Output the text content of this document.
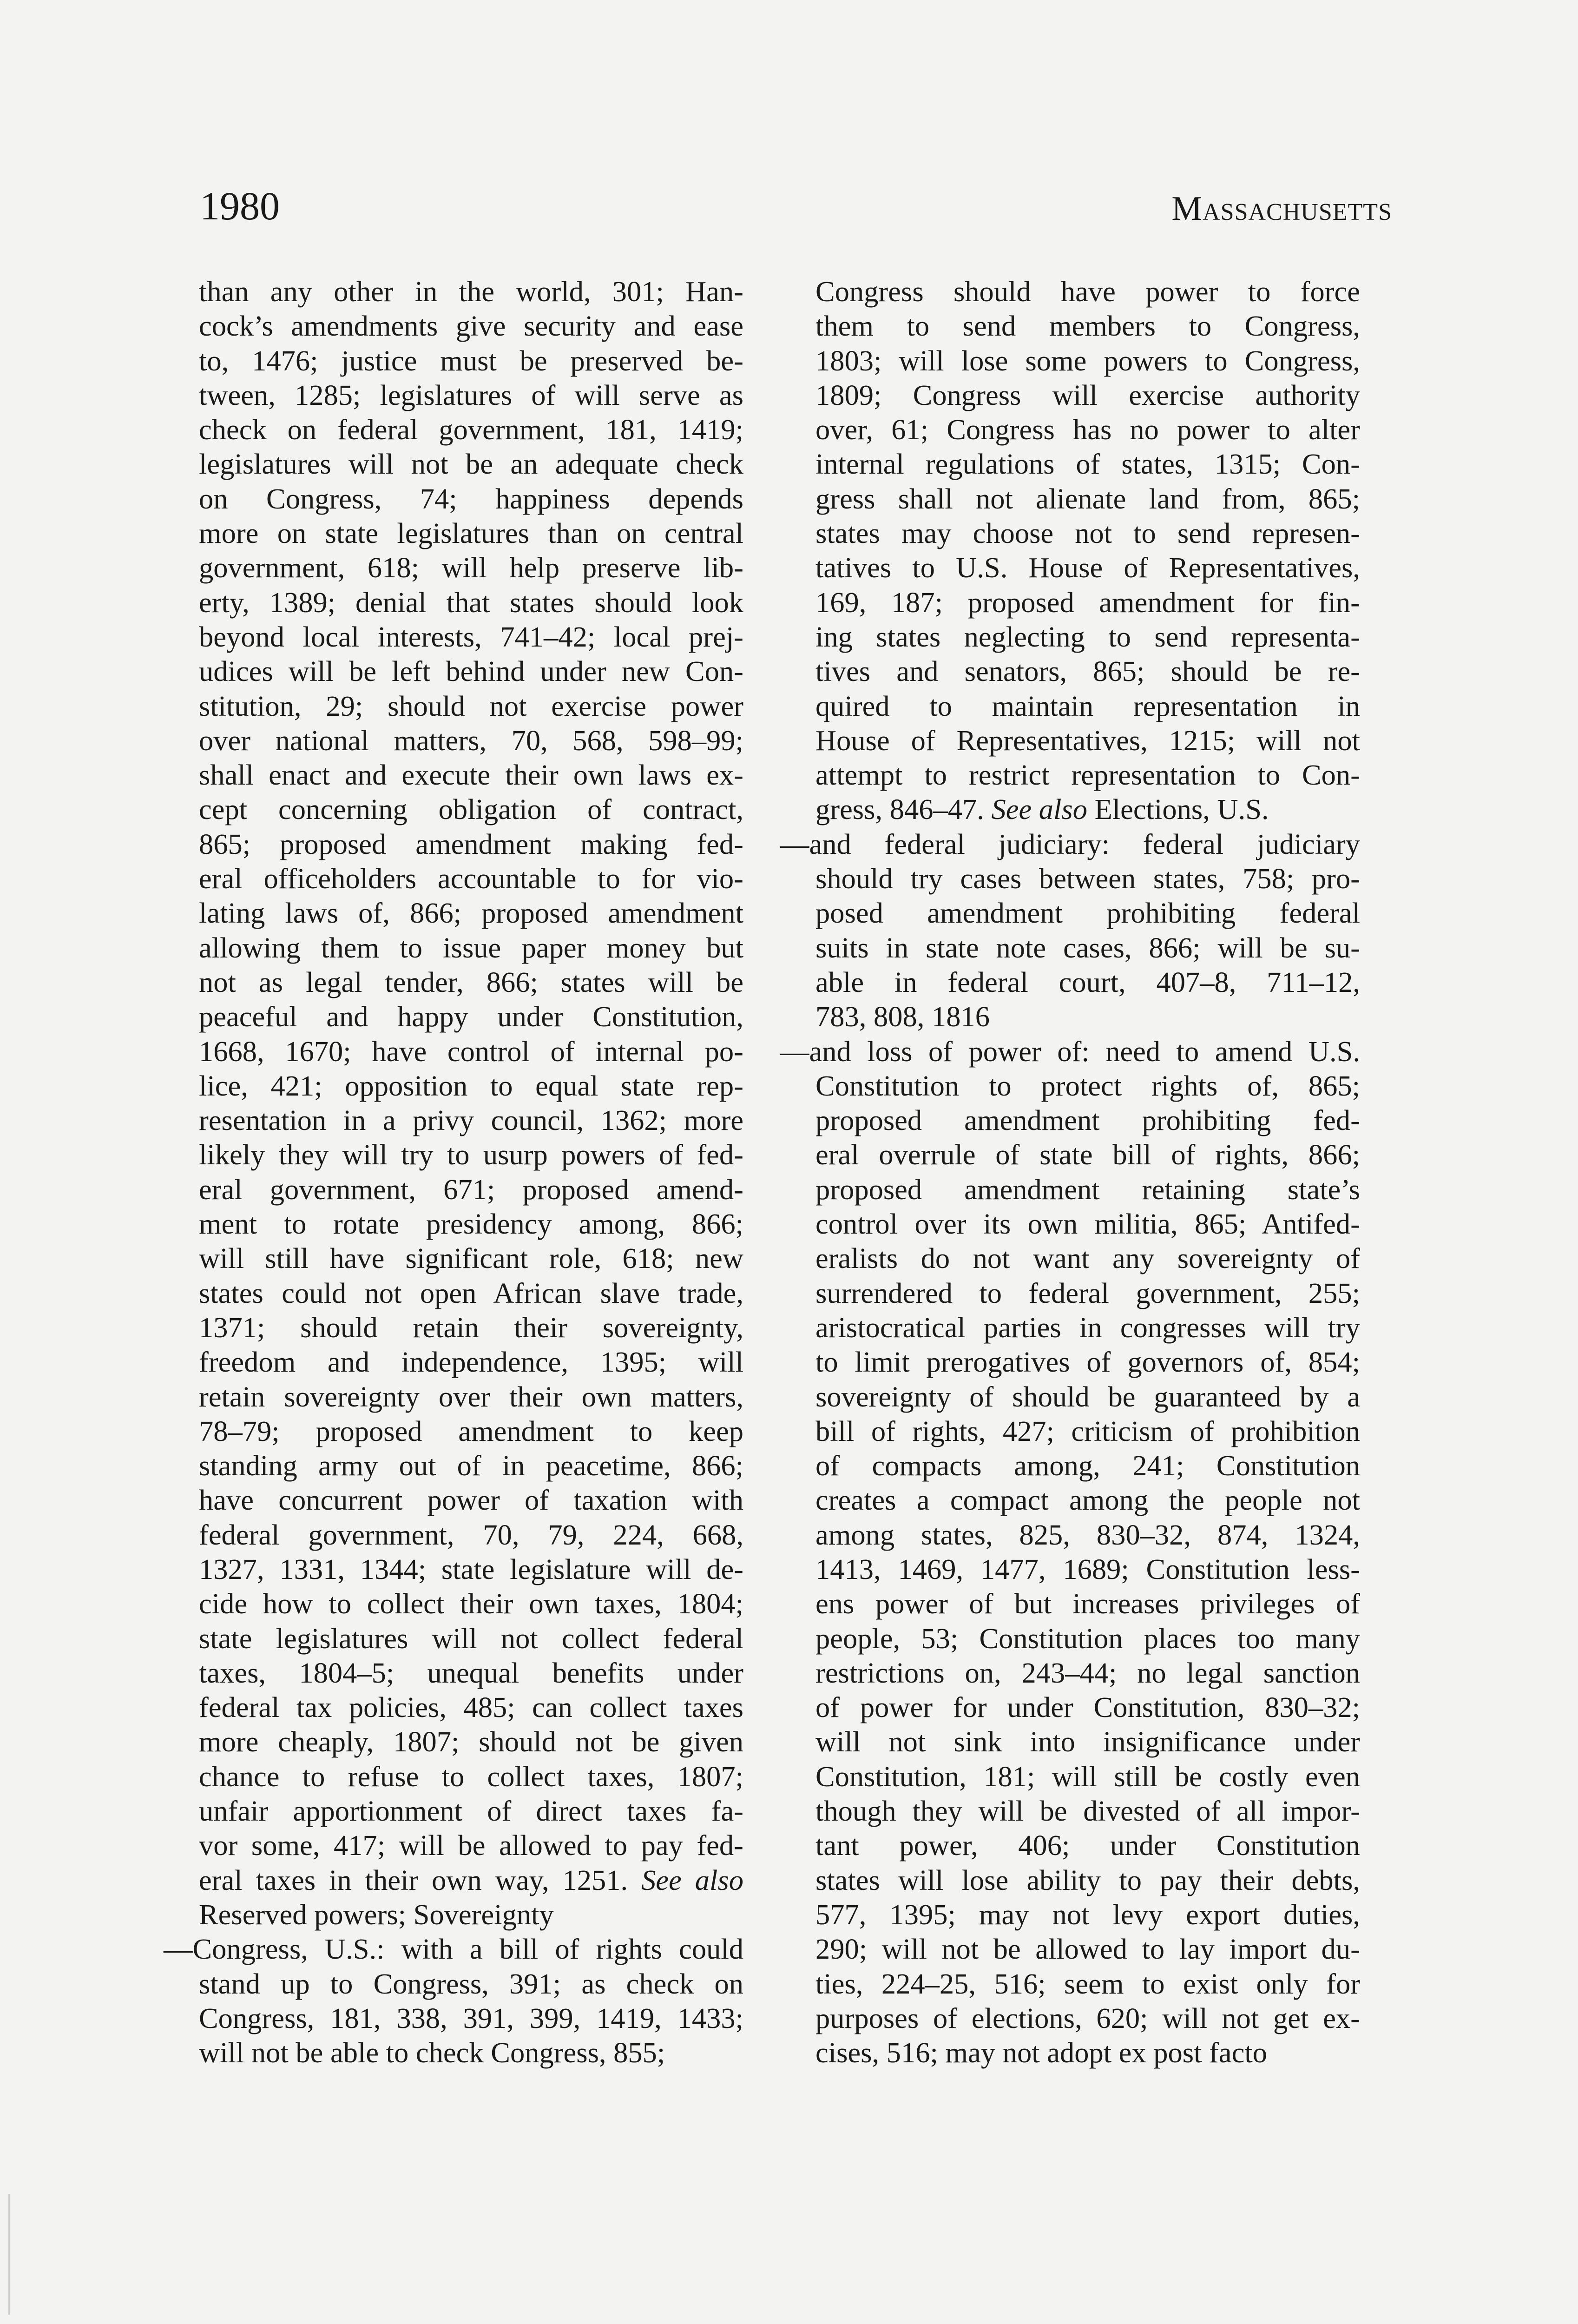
1980	Massachusetts
than any other in the world, 301; Han-
cock’s amendments give security and ease
to, 1476; justice must be preserved be-
tween, 1285; legislatures of will serve as
check on federal government, 181, 1419;
legislatures will not be an adequate check
on Congress, 74; happiness depends
more on state legislatures than on central
government, 618; will help preserve lib-
erty, 1389; denial that states should look
beyond local interests, 741–42; local prej-
udices will be left behind under new Con-
stitution, 29; should not exercise power
over national matters, 70, 568, 598–99;
shall enact and execute their own laws ex-
cept concerning obligation of contract,
865; proposed amendment making fed-
eral officeholders accountable to for vio-
lating laws of, 866; proposed amendment
allowing them to issue paper money but
not as legal tender, 866; states will be
peaceful and happy under Constitution,
1668, 1670; have control of internal po-
lice, 421; opposition to equal state rep-
resentation in a privy council, 1362; more
likely they will try to usurp powers of fed-
eral government, 671; proposed amend-
ment to rotate presidency among, 866;
will still have significant role, 618; new
states could not open African slave trade,
1371; should retain their sovereignty,
freedom and independence, 1395; will
retain sovereignty over their own matters,
78–79; proposed amendment to keep
standing army out of in peacetime, 866;
have concurrent power of taxation with
federal government, 70, 79, 224, 668,
1327, 1331, 1344; state legislature will de-
cide how to collect their own taxes, 1804;
state legislatures will not collect federal
taxes, 1804–5; unequal benefits under
federal tax policies, 485; can collect taxes
more cheaply, 1807; should not be given
chance to refuse to collect taxes, 1807;
unfair apportionment of direct taxes fa-
vor some, 417; will be allowed to pay fed-
eral taxes in their own way, 1251. See also
Reserved powers; Sovereignty
—Congress, U.S.: with a bill of rights could
stand up to Congress, 391; as check on
Congress, 181, 338, 391, 399, 1419, 1433;
will not be able to check Congress, 855;
Congress should have power to force
them to send members to Congress,
1803; will lose some powers to Congress,
1809; Congress will exercise authority
over, 61; Congress has no power to alter
internal regulations of states, 1315; Con-
gress shall not alienate land from, 865;
states may choose not to send represen-
tatives to U.S. House of Representatives,
169, 187; proposed amendment for fin-
ing states neglecting to send representa-
tives and senators, 865; should be re-
quired to maintain representation in
House of Representatives, 1215; will not
attempt to restrict representation to Con-
gress, 846–47. See also Elections, U.S.
—and federal judiciary: federal judiciary
should try cases between states, 758; pro-
posed amendment prohibiting federal
suits in state note cases, 866; will be su-
able in federal court, 407–8, 711–12,
783, 808, 1816
—and loss of power of: need to amend U.S.
Constitution to protect rights of, 865;
proposed amendment prohibiting fed-
eral overrule of state bill of rights, 866;
proposed amendment retaining state’s
control over its own militia, 865; Antifed-
eralists do not want any sovereignty of
surrendered to federal government, 255;
aristocratical parties in congresses will try
to limit prerogatives of governors of, 854;
sovereignty of should be guaranteed by a
bill of rights, 427; criticism of prohibition
of compacts among, 241; Constitution
creates a compact among the people not
among states, 825, 830–32, 874, 1324,
1413, 1469, 1477, 1689; Constitution less-
ens power of but increases privileges of
people, 53; Constitution places too many
restrictions on, 243–44; no legal sanction
of power for under Constitution, 830–32;
will not sink into insignificance under
Constitution, 181; will still be costly even
though they will be divested of all impor-
tant power, 406; under Constitution
states will lose ability to pay their debts,
577, 1395; may not levy export duties,
290; will not be allowed to lay import du-
ties, 224–25, 516; seem to exist only for
purposes of elections, 620; will not get ex-
cises, 516; may not adopt ex post facto
